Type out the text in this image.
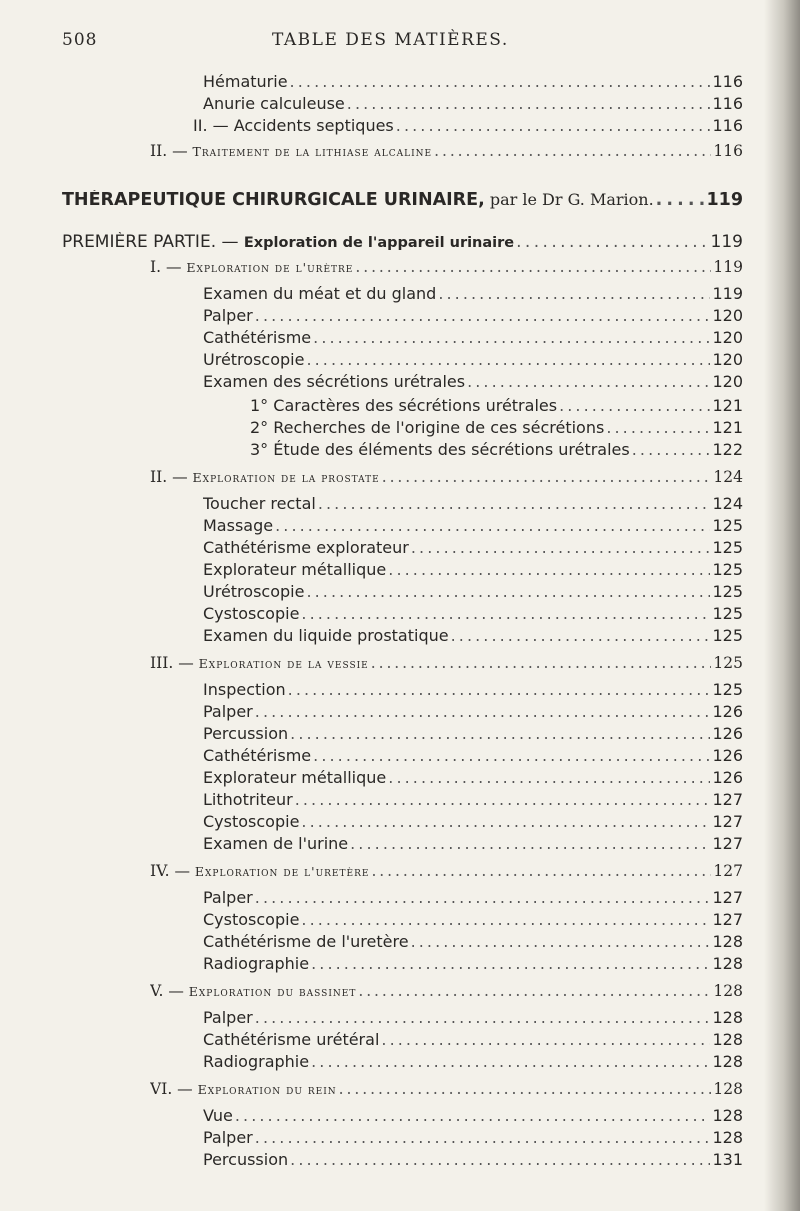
508	TABLE DES MATIÈRES.
Hématurie . . .	116
Anurie calculeuse . . .	116
II. — Accidents septiques . . .	116
II. — Traitement de la lithiase alcaline . . .	116
THÉRAPEUTIQUE CHIRURGICALE URINAIRE, par le Dr G. Marion. . . .	119
PREMIÈRE PARTIE. — Exploration de l'appareil urinaire . . .	119
I. — Exploration de l'urètre . . .	119
Examen du méat et du gland . . .	119
Palper . . .	120
Cathétérisme . . .	120
Urétroscopie . . .	120
Examen des sécrétions urétrales . . .	120
1° Caractères des sécrétions urétrales . . .	121
2° Recherches de l'origine de ces sécrétions . . .	121
3° Étude des éléments des sécrétions urétrales . . .	122
II. — Exploration de la prostate . . .	124
Toucher rectal . . .	124
Massage . . .	125
Cathétérisme explorateur . . .	125
Explorateur métallique . . .	125
Urétroscopie . . .	125
Cystoscopie . . .	125
Examen du liquide prostatique . . .	125
III. — Exploration de la vessie . . .	125
Inspection . . .	125
Palper . . .	126
Percussion . . .	126
Cathétérisme . . .	126
Explorateur métallique . . .	126
Lithotriteur . . .	127
Cystoscopie . . .	127
Examen de l'urine . . .	127
IV. — Exploration de l'uretère . . .	127
Palper . . .	127
Cystoscopie . . .	127
Cathétérisme de l'uretère . . .	128
Radiographie . . .	128
V. — Exploration du bassinet . . .	128
Palper . . .	128
Cathétérisme urétéral . . .	128
Radiographie . . .	128
VI. — Exploration du rein . . .	128
Vue . . .	128
Palper . . .	128
Percussion . . .	131
